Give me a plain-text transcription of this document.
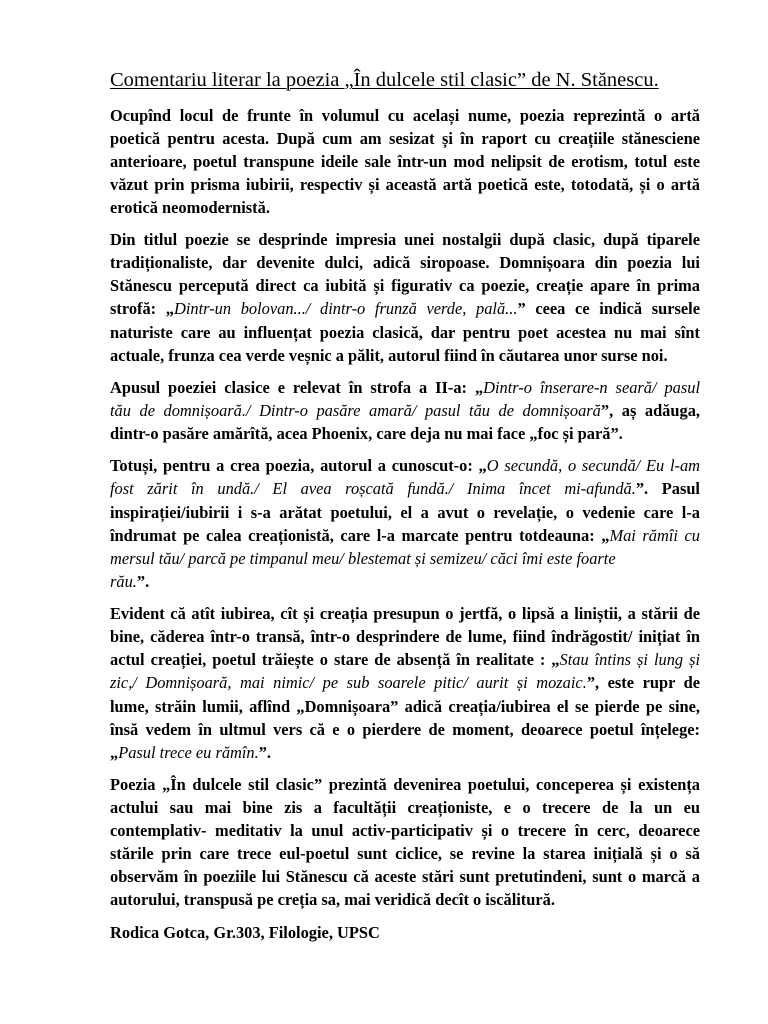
Comentariu literar la poezia „În dulcele stil clasic” de N. Stănescu.
Ocupînd locul de frunte în volumul cu același nume, poezia reprezintă o artă
poetică pentru acesta. După cum am sesizat și în raport cu creațiile stănesciene
anterioare, poetul transpune ideile sale într-un mod nelipsit de erotism, totul este
văzut prin prisma iubirii, respectiv și această artă poetică este, totodată, și o artă
erotică neomodernistă.
Din titlul poezie se desprinde impresia unei nostalgii după clasic, după tiparele
tradiționaliste, dar devenite dulci, adică siropoase. Domnișoara din poezia lui
Stănescu percepută direct ca iubită și figurativ ca poezie, creație apare în prima
strofă: „Dintr-un bolovan.../ dintr-o frunză verde, pală...” ceea ce indică sursele
naturiste care au influențat poezia clasică, dar pentru poet acestea nu mai sînt
actuale, frunza cea verde veșnic a pălit, autorul fiind în căutarea unor surse noi.
Apusul poeziei clasice e relevat în strofa a II-a: „Dintr-o înserare-n seară/ pasul
tău de domnișoară./ Dintr-o pasăre amară/ pasul tău de domnișoară”, aș adăuga,
dintr-o pasăre amărîtă, acea Phoenix, care deja nu mai face „foc și pară”.
Totuși, pentru a crea poezia, autorul a cunoscut-o: „O secundă, o secundă/ Eu l-am
fost zărit în undă./ El avea roșcată fundă./ Inima încet mi-afundă.”. Pasul
inspirației/iubirii i s-a arătat poetului, el a avut o revelație, o vedenie care l-a
îndrumat pe calea creaționistă, care l-a marcate pentru totdeauna: „Mai rămîi cu
mersul tău/ parcă pe timpanul meu/ blestemat și semizeu/ căci îmi este foarte
rău.”.
Evident că atît iubirea, cît și creația presupun o jertfă, o lipsă a liniștii, a stării de
bine, căderea într-o transă, într-o desprindere de lume, fiind îndrăgostit/ inițiat în
actul creației, poetul trăiește o stare de absență în realitate : „Stau întins și lung și
zic,/ Domnișoară, mai nimic/ pe sub soarele pitic/ aurit și mozaic.”, este rupr de
lume, străin lumii, aflînd „Domnișoara” adică creația/iubirea el se pierde pe sine,
însă vedem în ultmul vers că e o pierdere de moment, deoarece poetul înțelege:
„Pasul trece eu rămîn.”.
Poezia „În dulcele stil clasic” prezintă devenirea poetului, conceperea și existența
actului sau mai bine zis a facultății creaționiste, e o trecere de la un eu
contemplativ- meditativ la unul activ-participativ și o trecere în cerc, deoarece
stările prin care trece eul-poetul sunt ciclice, se revine la starea inițială și o să
observăm în poeziile lui Stănescu că aceste stări sunt pretutindeni, sunt o marcă a
autorului, transpusă pe creția sa, mai veridică decît o iscălitură.
Rodica Gotca, Gr.303, Filologie, UPSC
